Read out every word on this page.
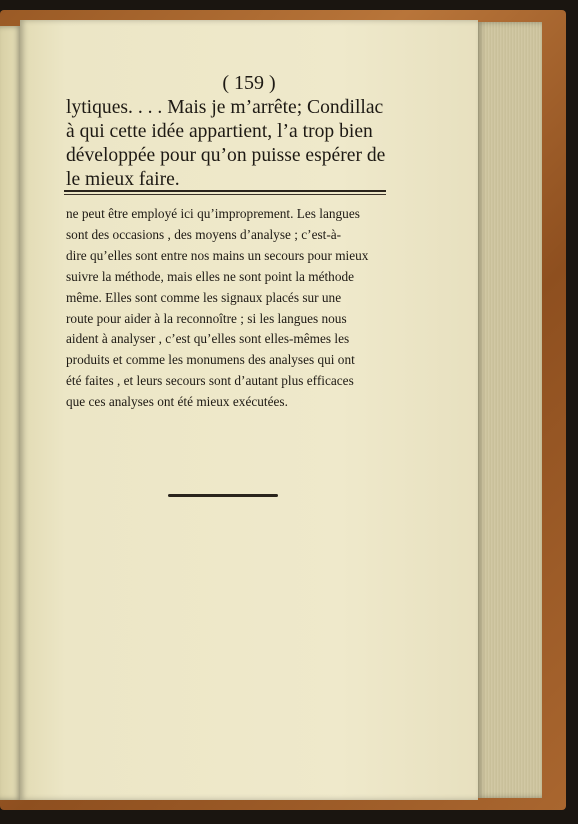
( 159 )
lytiques. . . . Mais je m’arrête; Condillac
à qui cette idée appartient, l’a trop bien
développée pour qu’on puisse espérer de
le mieux faire.
ne peut être employé ici qu’improprement. Les langues
sont des occasions , des moyens d’analyse ; c’est-à-
dire qu’elles sont entre nos mains un secours pour mieux
suivre la méthode, mais elles ne sont point la méthode
même. Elles sont comme les signaux placés sur une
route pour aider à la reconnoître ; si les langues nous
aident à analyser , c’est qu’elles sont elles-mêmes les
produits et comme les monumens des analyses qui ont
été faites , et leurs secours sont d’autant plus efficaces
que ces analyses ont été mieux exécutées.
